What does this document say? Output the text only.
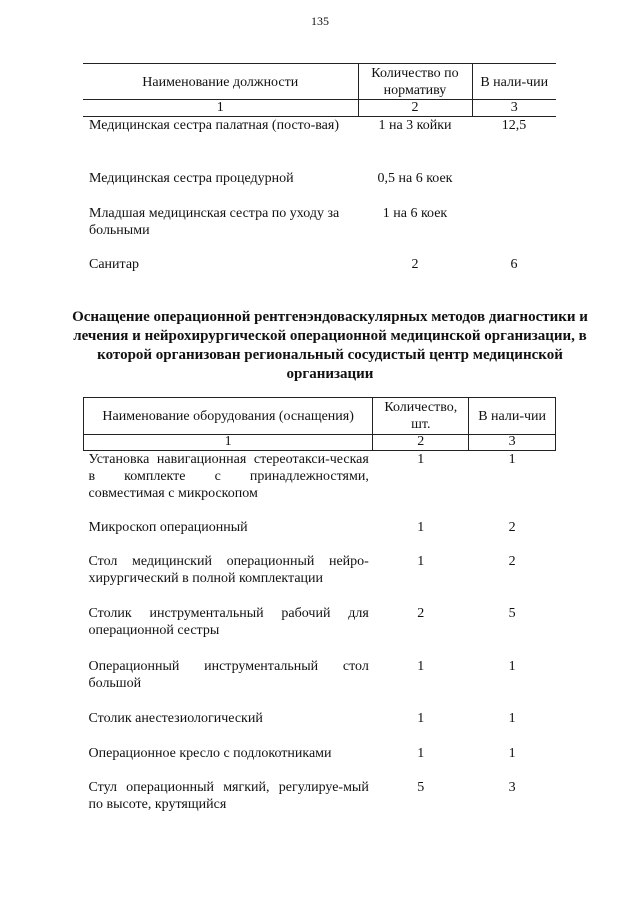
135
Наименование должности	Количество по нормативу	В нали-чии
1	2	3
Медицинская сестра палатная (посто-вая)	1 на 3 койки	12,5
Медицинская сестра процедурной	0,5 на 6 коек	
Младшая медицинская сестра по уходу за больными	1 на 6 коек	
Санитар	2	6
Оснащение операционной рентгенэндоваскулярных методов диагностики и лечения и нейрохирургической операционной медицинской организации, в которой организован региональный сосудистый центр медицинской организации
Наименование оборудования (оснащения)	Количество, шт.	В нали-чии
1	2	3
Установка навигационная стереотакси-ческая в комплекте с принадлежностями, совместимая с микроскопом	1	1
Микроскоп операционный	1	2
Стол медицинский операционный нейро-хирургический в полной комплектации	1	2
Столик инструментальный рабочий для операционной сестры	2	5
Операционный инструментальный стол большой	1	1
Столик анестезиологический	1	1
Операционное кресло с подлокотниками	1	1
Стул операционный мягкий, регулируе-мый по высоте, крутящийся	5	3
